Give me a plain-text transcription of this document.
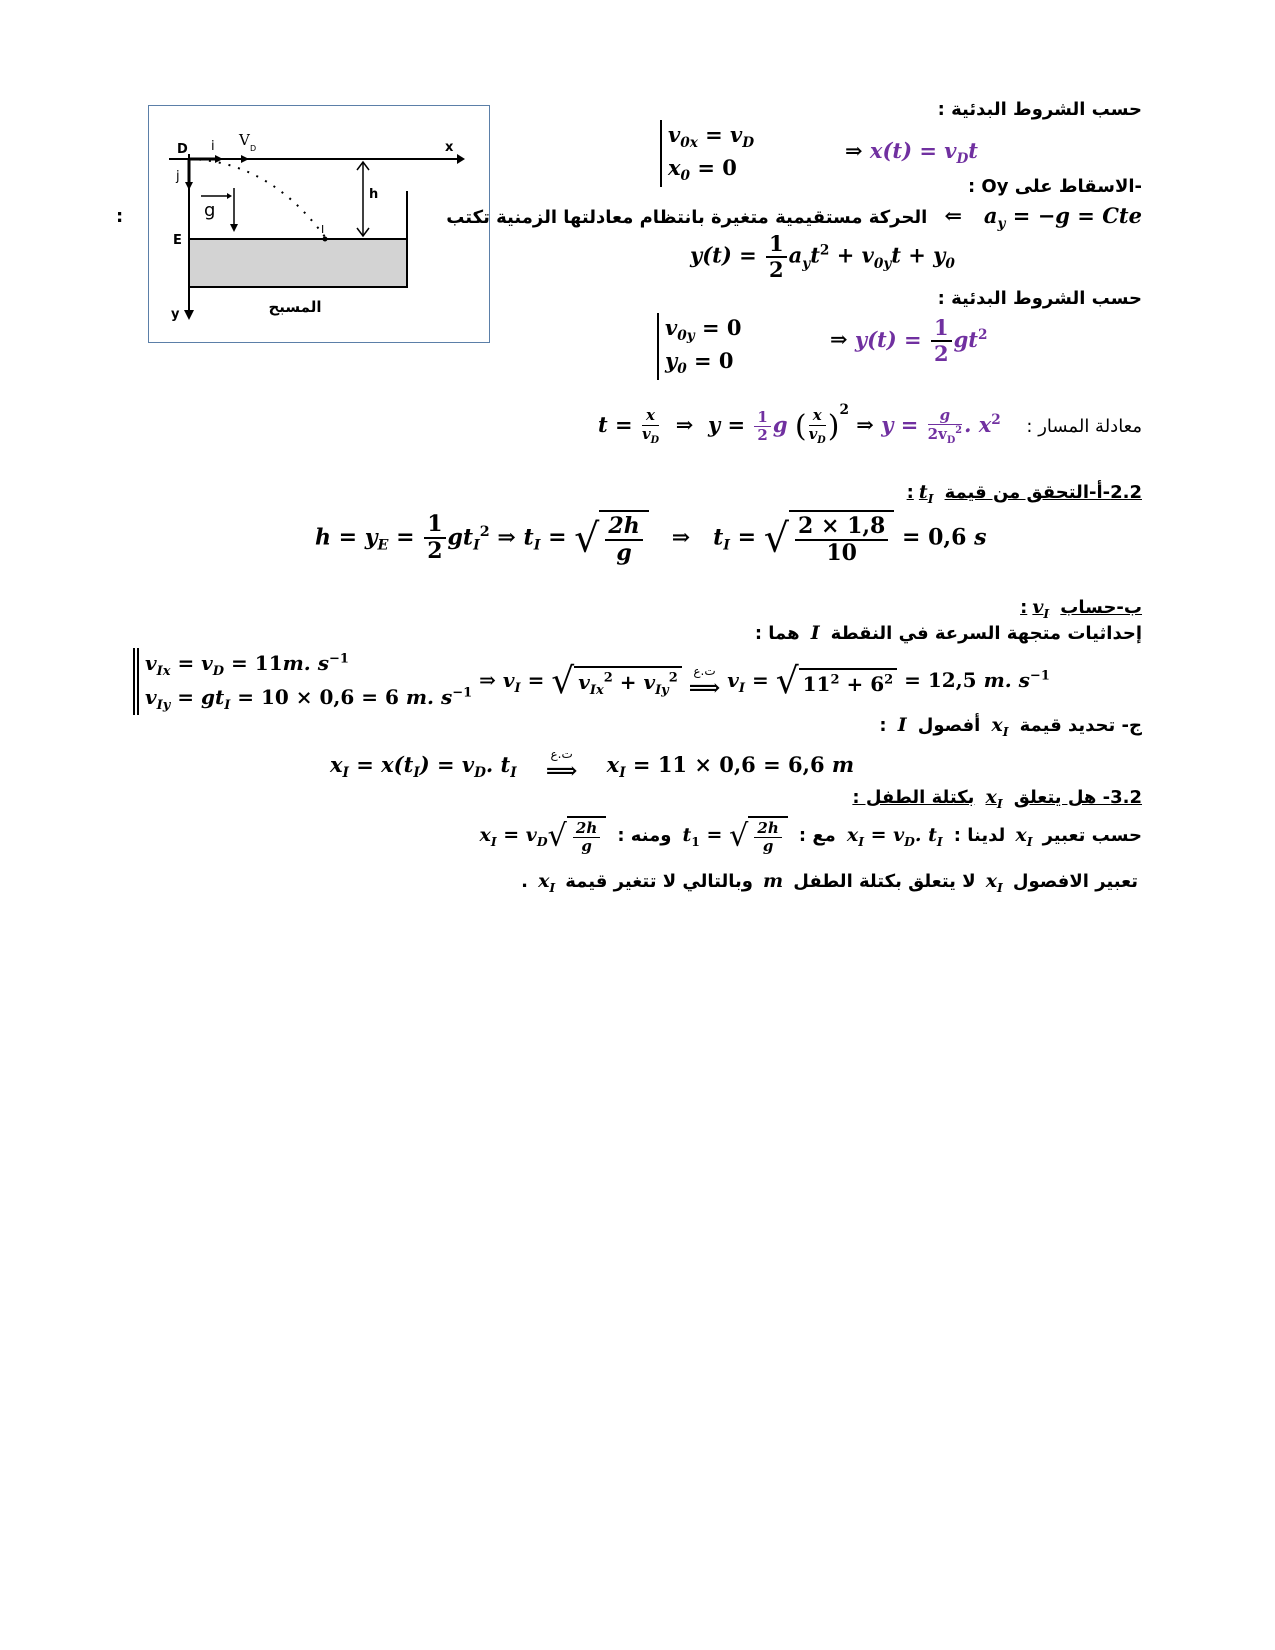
D i V D	x
j
g
E
h
I
y	المسبح
:
حسب الشروط البدئية :
$v_{0x} = v_D$
$x_0 = 0$
⇒ $x(t) = v_Dt$
-الاسقاط على Oy :
الحركة مستقيمية متغيرة بانتظام معادلتها الزمنية تكتب ⇐   $a_y = -g$ = Cte
$y(t) = \frac{1}{2} a_yt^2 + v_{0y}t + y_0$
حسب الشروط البدئية :
$v_{0y} = 0$
$y_0 = 0$
⇒ $y(t) = \frac{1}{2} gt^2$
معادلة المسار :
$t = \frac{x}{v_D}$ ⇒  $y = \frac{1}{2}$ g ( $\frac{x}{v_D} )^2$ ⇒ $y = \frac{g}{2v_D^2}$ . $x^2$
2.2-أ-التحقق من قيمة $t_I$ :
$h = y_E = \frac{1}{2} gt_I^2$ ⇒ $t_I$ = √ $\frac{2h}{g}$ ⇒   $t_I$ = √ $\frac{2 \times 1,8}{10} = 0,6$ s
ب-حساب $v_I$ :
إحداثيات متجهة السرعة في النقطة I هما :
$v_{Ix} = v_D = 11m$. $s^{-1}$
$v_{Iy} = gt_I = 10 \times 0,6 = 6$ m. $s^{-1}$
⇒ $v_I$ = √ $v_{Ix}^2 + v_{Iy}^2$	ت.ع
⟹ $v_I$ = √ $11^2 + 6^2 = 12,5$ m. $s^{-1}$
ج- تحديد قيمة $x_I$ أفصول I :
$x_I = x(t_I) = v_D$. $t_I$
ت.ع
⟹ $x_I = 11 \times 0,6 = 6,6$ m
3.2- هل يتعلق $x_I$ بكتلة الطفل :
حسب تعبير $x_I$ لدينا : $x_I = v_D$. $t_I$ مع : $t_1$ = √ $\frac{2h}{g}$
ومنه : $x_I = v_D√ \frac{2h}{g}$
تعبير الافصول $x_I$ لا يتعلق بكتلة الطفل m وبالتالي لا تتغير قيمة $x_I$ .
